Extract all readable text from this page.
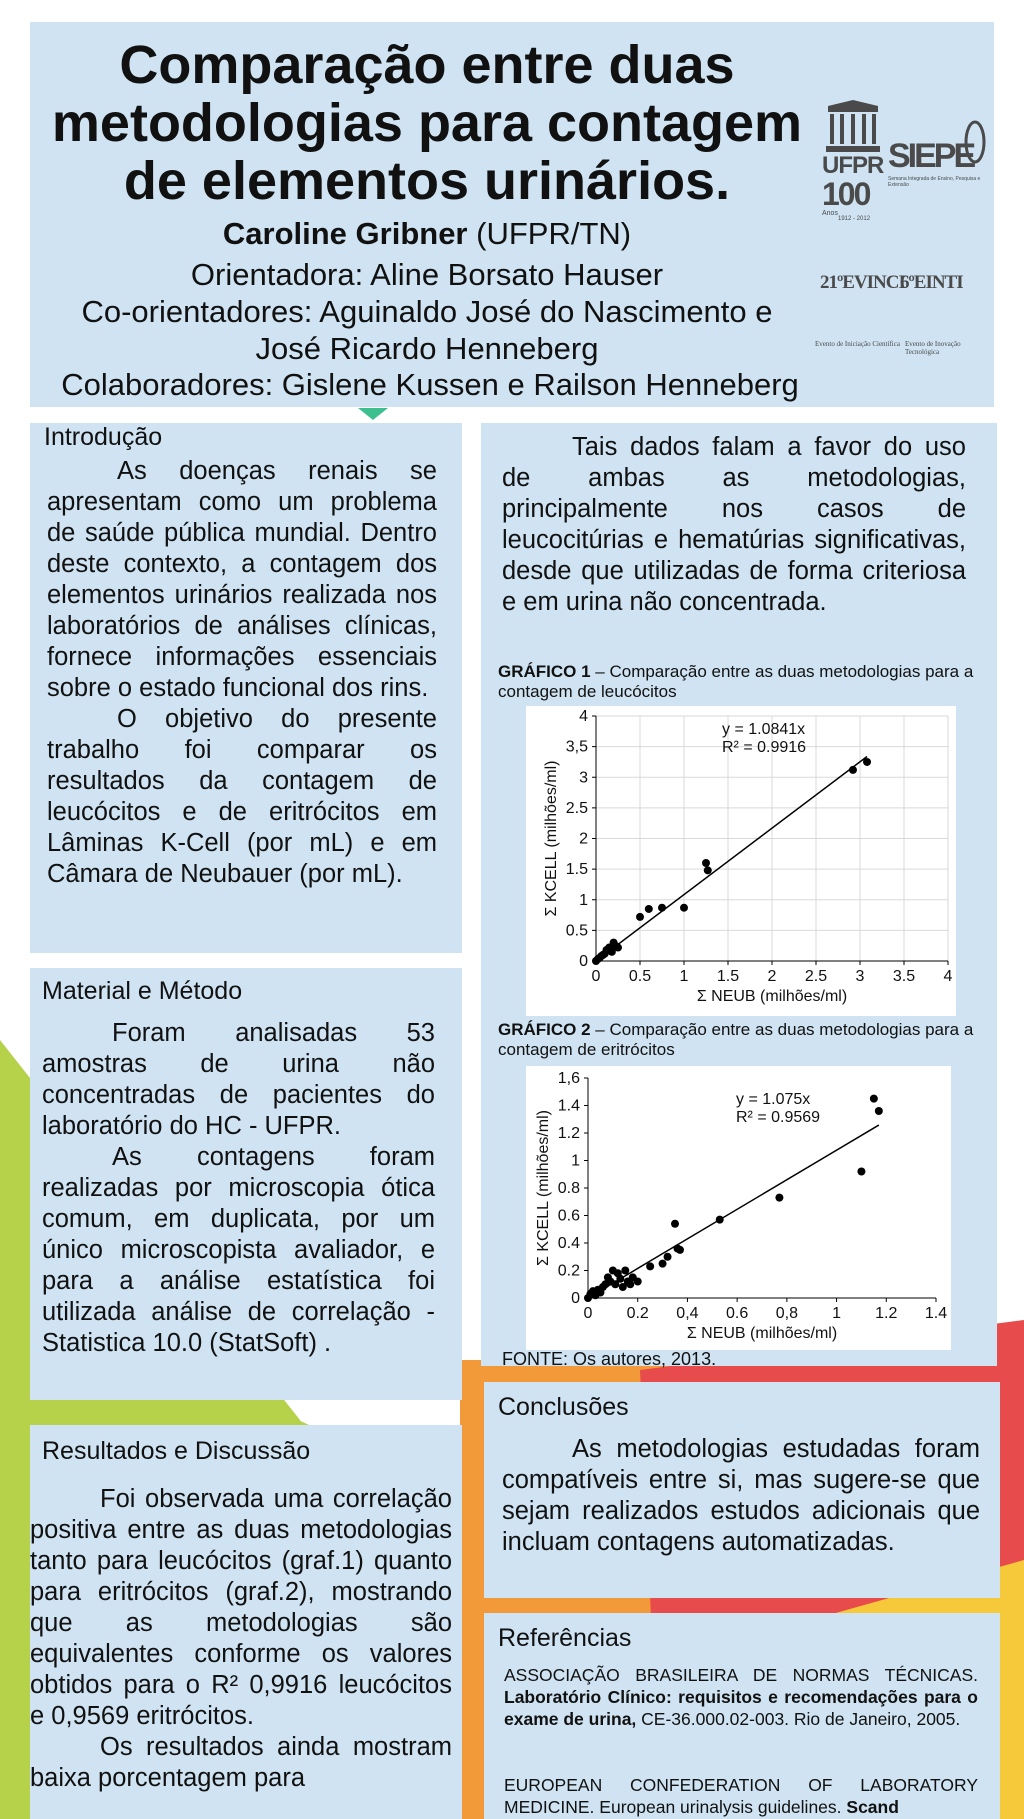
Comparação entre duas
metodologias para contagem
de elementos urinários.
Caroline Gribner (UFPR/TN)
Orientadora: Aline Borsato Hauser
Co-orientadores: Aguinaldo José do Nascimento e
José Ricardo Henneberg
Colaboradores: Gislene Kussen e Railson Henneberg
UFPR
100
Anos
1912 - 2012
SIEPE
Semana Integrada de Ensino, Pesquisa e Extensão
21ºEVINCI
6ºEINTI
Evento de Iniciação Científica Evento de Inovação Tecnológica
Introdução

As doenças renais se apresentam como um problema de saúde pública mundial. Dentro deste contexto, a contagem dos elementos urinários realizada nos laboratórios de análises clínicas, fornece informações essenciais sobre o estado funcional dos rins.

O objetivo do presente trabalho foi comparar os resultados da contagem de leucócitos e de eritrócitos em Lâminas K-Cell (por mL) e em Câmara de Neubauer (por mL).

Material e Método

Foram analisadas 53 amostras de urina não concentradas de pacientes do laboratório do HC - UFPR.

As contagens foram realizadas por microscopia ótica comum, em duplicata, por um único microscopista avaliador, e para a análise estatística foi utilizada análise de correlação - Statistica 10.0 (StatSoft) .

Resultados e Discussão

Foi observada uma correlação positiva entre as duas metodologias tanto para leucócitos (graf.1) quanto para eritrócitos (graf.2), mostrando que as metodologias são equivalentes conforme os valores obtidos para o R² 0,9916 leucócitos e 0,9569 eritrócitos.

Os resultados ainda mostram baixa porcentagem para

Tais dados falam a favor do uso de ambas as metodologias, principalmente nos casos de leucocitúrias e hematúrias significativas, desde que utilizadas de forma criteriosa e em urina não concentrada.

GRÁFICO 1 – Comparação entre as duas metodologias para a contagem de leucócitos
0 0.5 1 1.5 2 2.5 3 3.5 4
0
0.5
1
1.5
2
2.5
3
3,5
4
Σ NEUB (milhões/ml)
Σ KCELL (milhões/ml)
y = 1.0841x
R² = 0.9916
GRÁFICO 2 – Comparação entre as duas metodologias para a contagem de eritrócitos
0 0.2 0,4 0.6 0,8 1 1.2 1.4
0
0.2
0.4
0.6
0.8
1
1.2
1.4
1,6
Σ NEUB (milhões/ml)
Σ KCELL (milhões/ml)
y = 1.075x
R² = 0.9569
FONTE: Os autores, 2013.
Conclusões

As metodologias estudadas foram compatíveis entre si, mas sugere-se que sejam realizados estudos adicionais que incluam contagens automatizadas.

Referências
ASSOCIAÇÃO BRASILEIRA DE NORMAS TÉCNICAS. Laboratório Clínico: requisitos e recomendações para o exame de urina, CE-36.000.02-003. Rio de Janeiro, 2005.
EUROPEAN CONFEDERATION OF LABORATORY MEDICINE. European urinalysis guidelines. Scand
